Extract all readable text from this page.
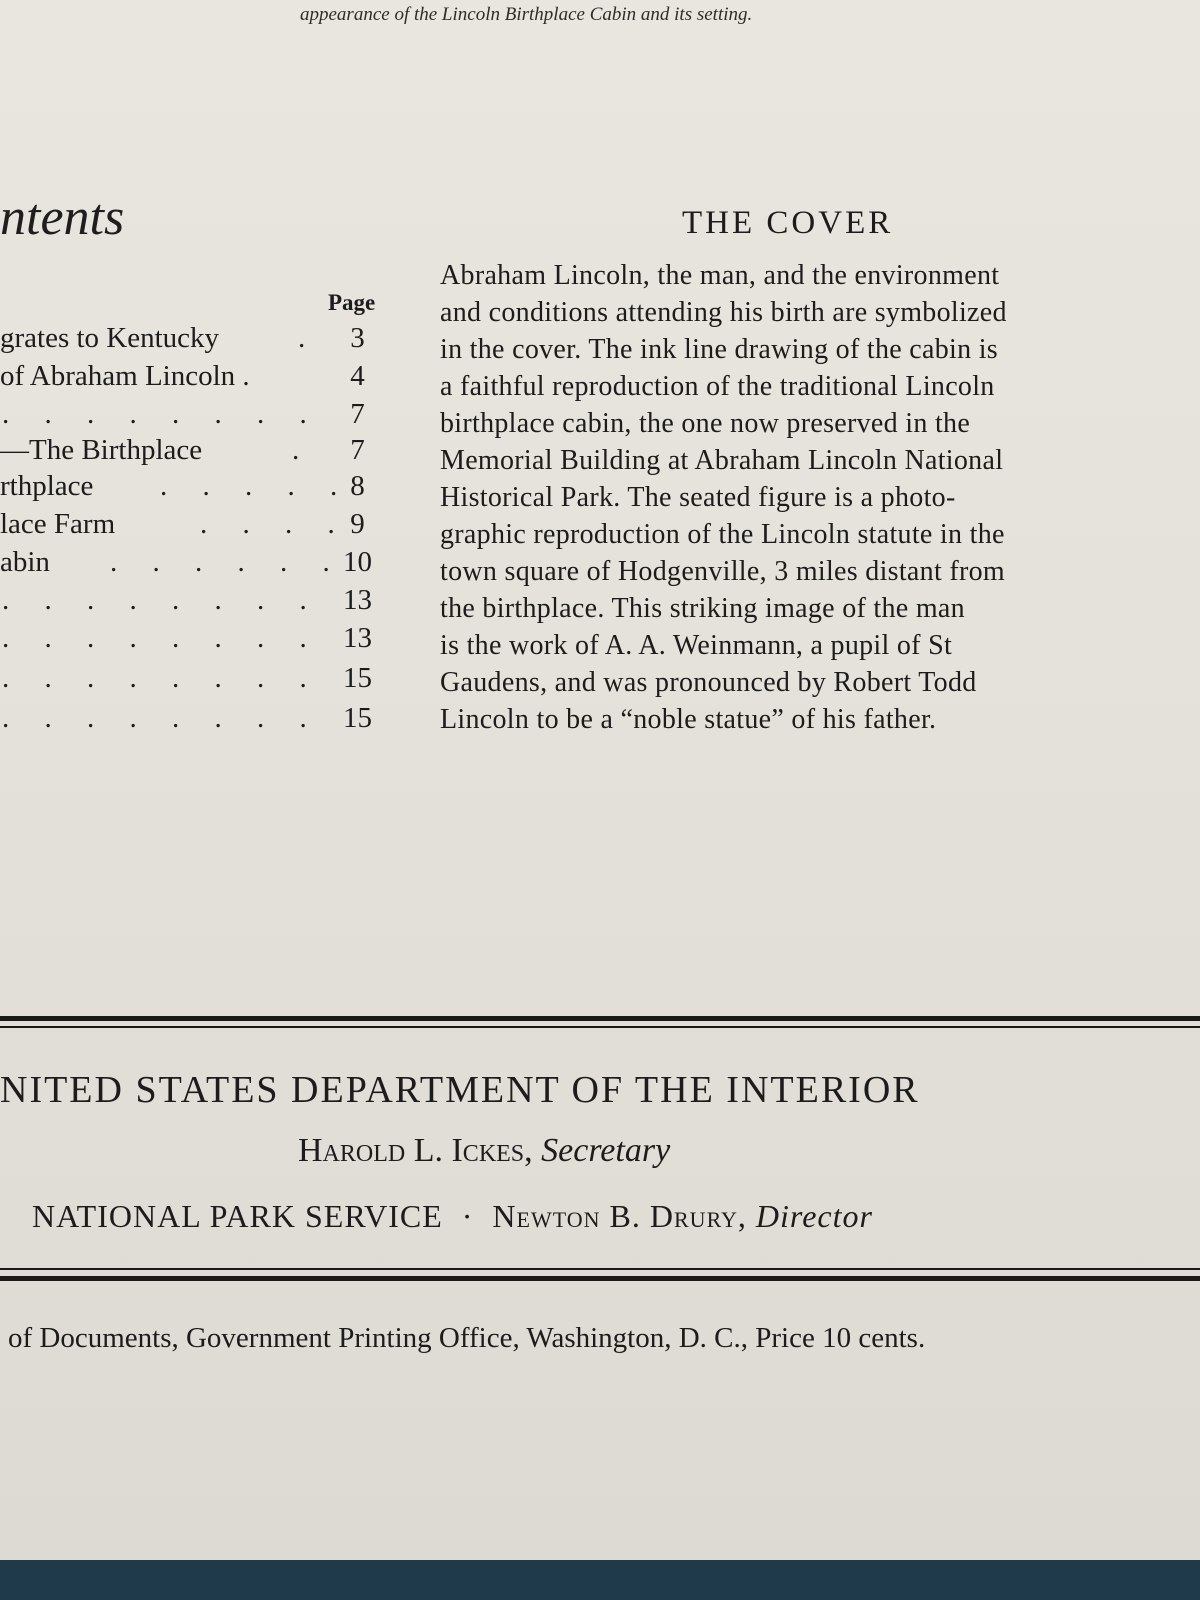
appearance of the Lincoln Birthplace Cabin and its setting.
ntents
Page
grates to Kentucky	.	3
of Abraham Lincoln .	4
. . . . . . . .	7
—The Birthplace	.	7
rthplace . . . . . 8
lace Farm	. . . . 9
abin . . . . . . 10
. . . . . . . . 13
. . . . . . . . 13
. . . . . . . . 15
. . . . . . . . 15
THE COVER
Abraham Lincoln, the man, and the environment
and conditions attending his birth are symbolized
in the cover. The ink line drawing of the cabin is
a faithful reproduction of the traditional Lincoln
birthplace cabin, the one now preserved in the
Memorial Building at Abraham Lincoln National
Historical Park. The seated figure is a photo-
graphic reproduction of the Lincoln statute in the
town square of Hodgenville, 3 miles distant from
the birthplace. This striking image of the man
is the work of A. A. Weinmann, a pupil of St
Gaudens, and was pronounced by Robert Todd
Lincoln to be a “noble statue” of his father.
NITED STATES DEPARTMENT OF THE INTERIOR
Harold L. Ickes, Secretary
NATIONAL PARK SERVICE · Newton B. Drury, Director
of Documents, Government Printing Office, Washington, D. C., Price 10 cents.
